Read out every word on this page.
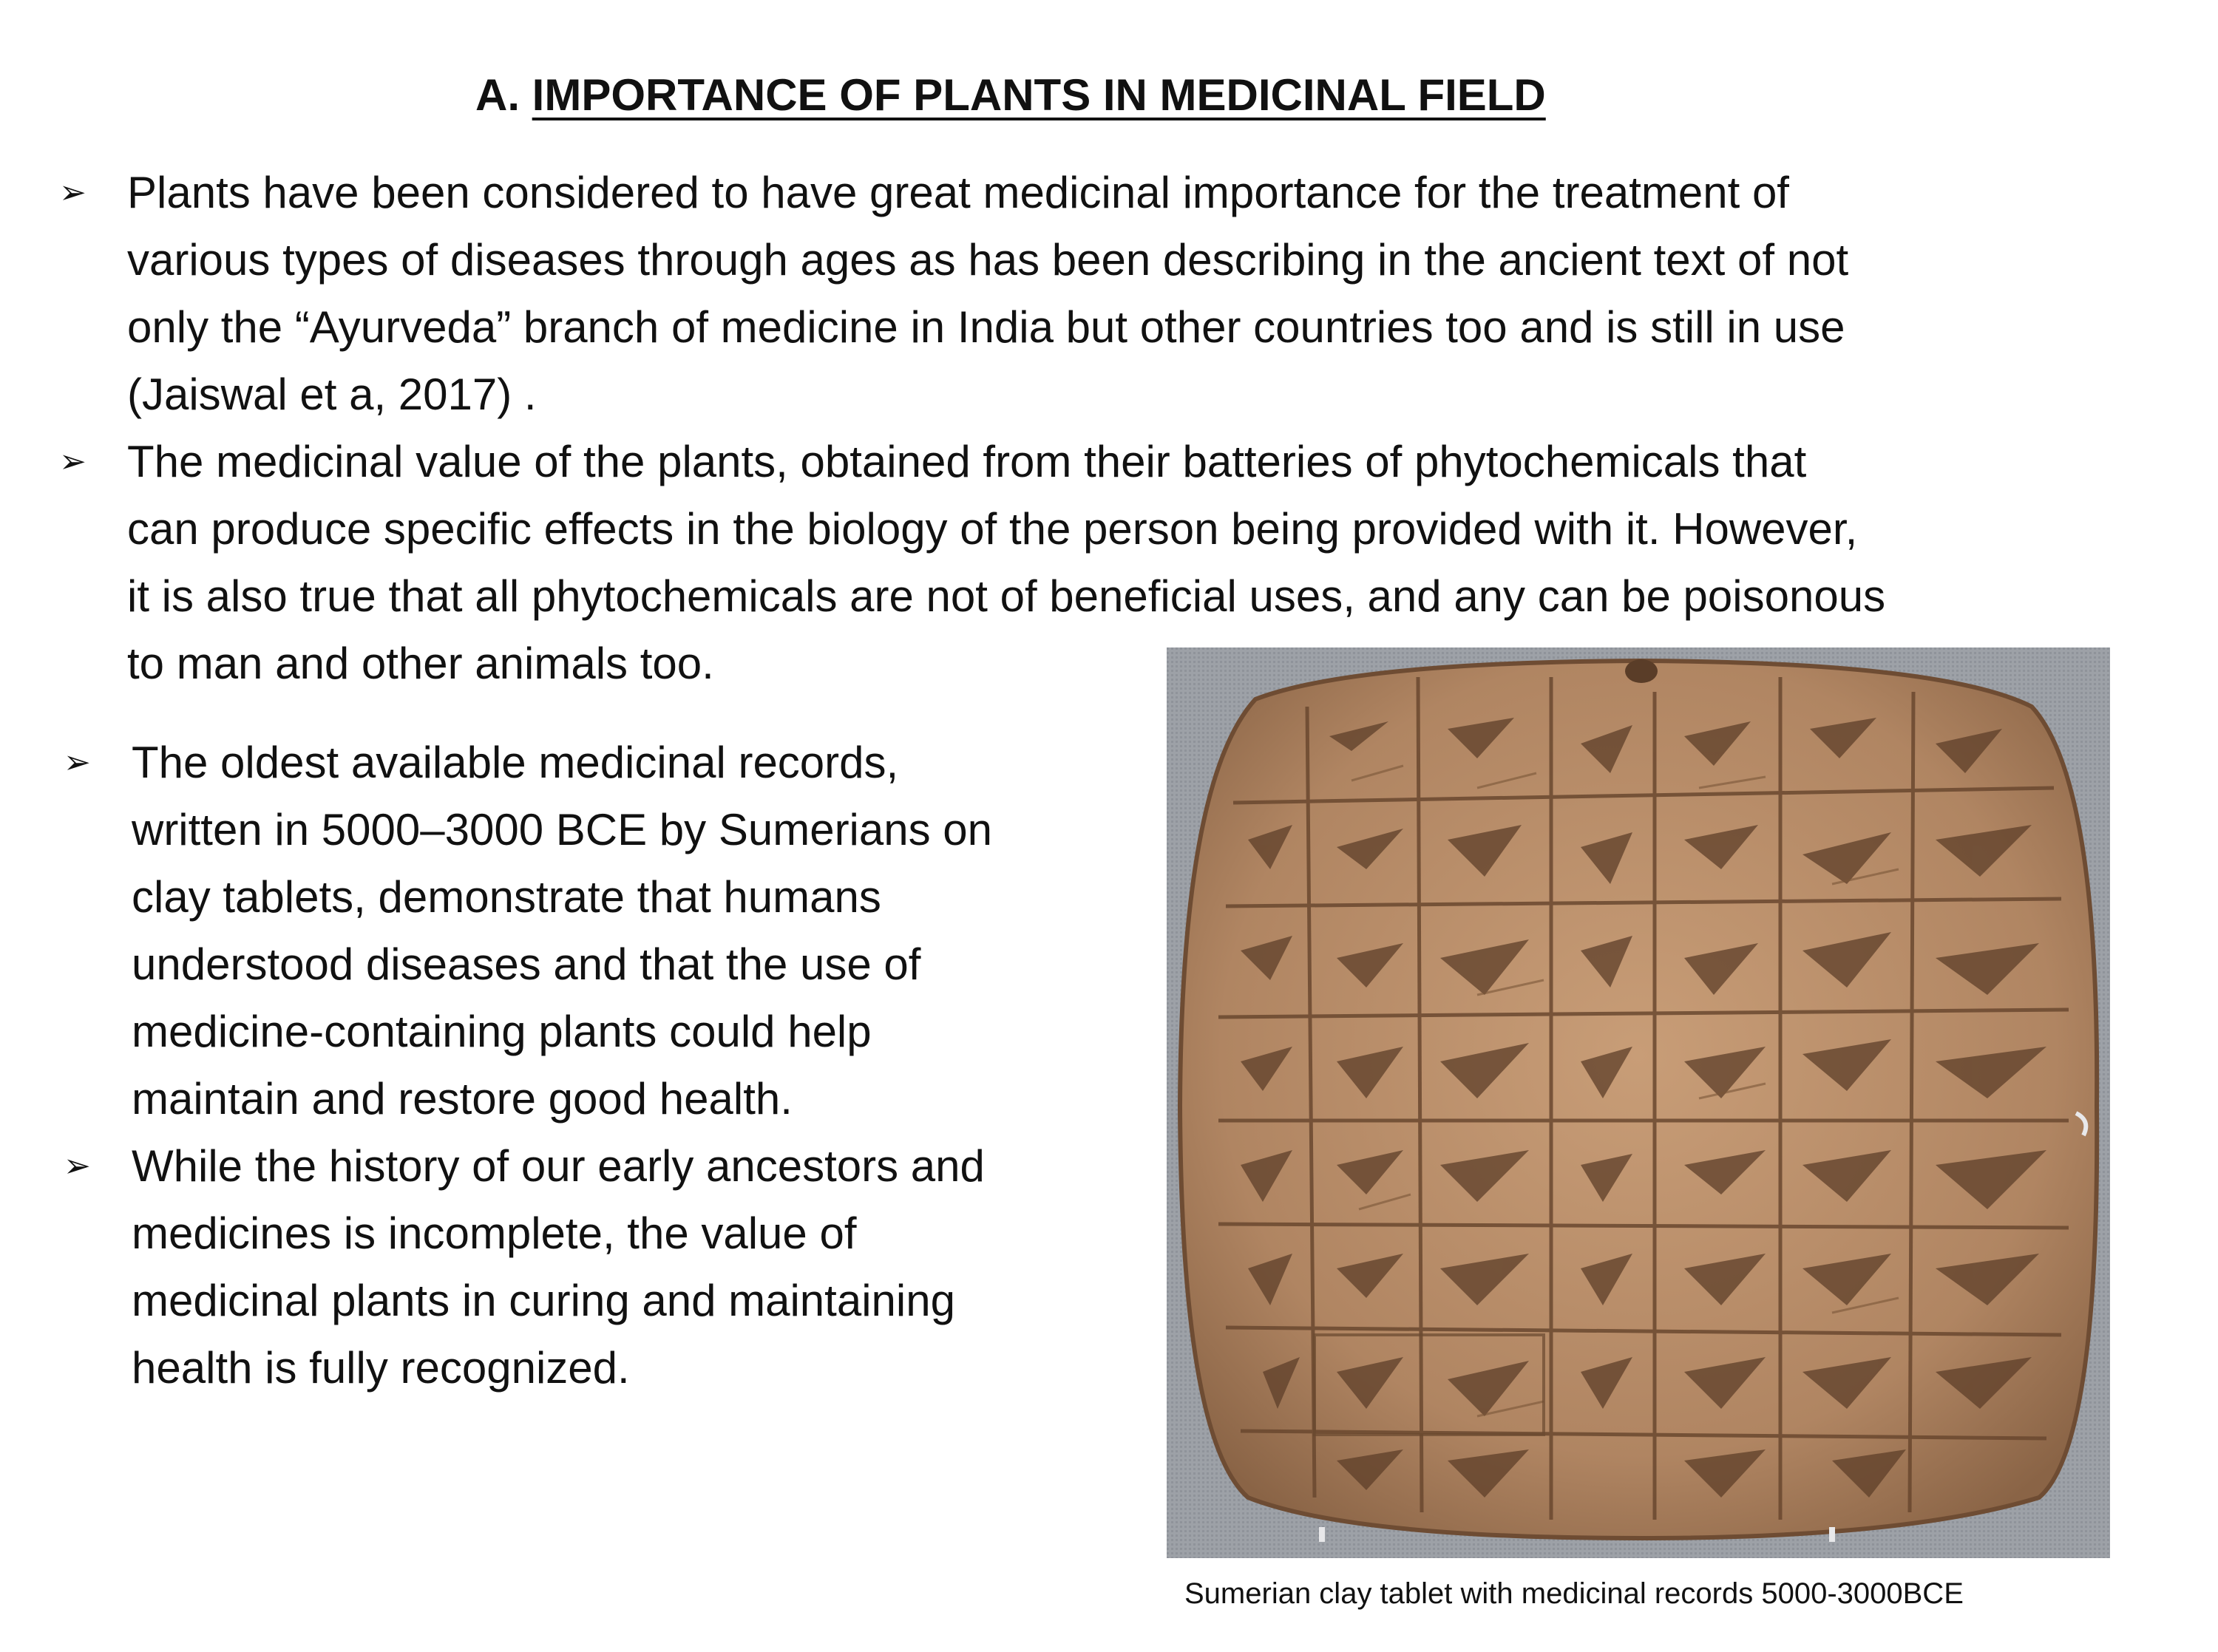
A. IMPORTANCE OF PLANTS IN MEDICINAL FIELD
➢ Plants have been considered to have great medicinal importance for the treatment of
various types of diseases through ages as has been describing in the ancient text of not
only the “Ayurveda” branch of medicine in India but other countries too and is still in use
(Jaiswal et a, 2017) .
➢ The medicinal value of the plants, obtained from their batteries of phytochemicals that
can produce specific effects in the biology of the person being provided with it. However,
it is also true that all phytochemicals are not of beneficial uses, and any can be poisonous
to man and other animals too.
➢ The oldest available medicinal records,
written in 5000–3000 BCE by Sumerians on
clay tablets, demonstrate that humans
understood diseases and that the use of
medicine-containing plants could help
maintain and restore good health.
➢ While the history of our early ancestors and
medicines is incomplete, the value of
medicinal plants in curing and maintaining
health is fully recognized.
Sumerian clay tablet with medicinal records 5000-3000BCE
